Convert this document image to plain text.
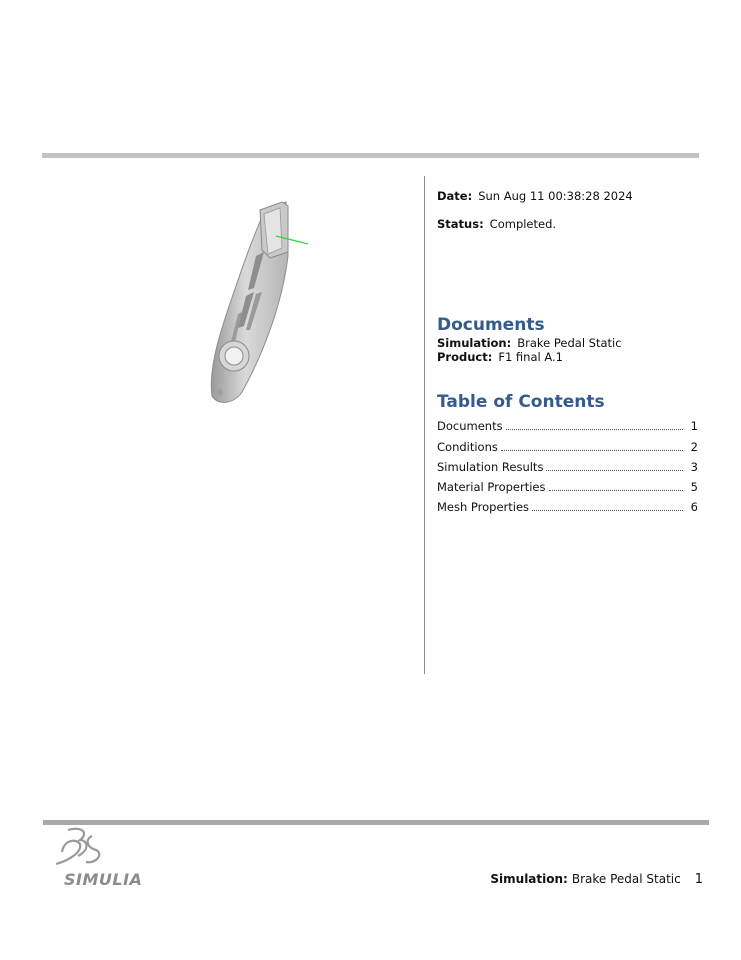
Date: Sun Aug 11 00:38:28 2024
Status: Completed.
Documents
Simulation: Brake Pedal Static
Product: F1 final A.1
Table of Contents
Documents	1
Conditions	2
Simulation Results	3
Material Properties	5
Mesh Properties	6
SIMULIA	Simulation: Brake Pedal Static 1
